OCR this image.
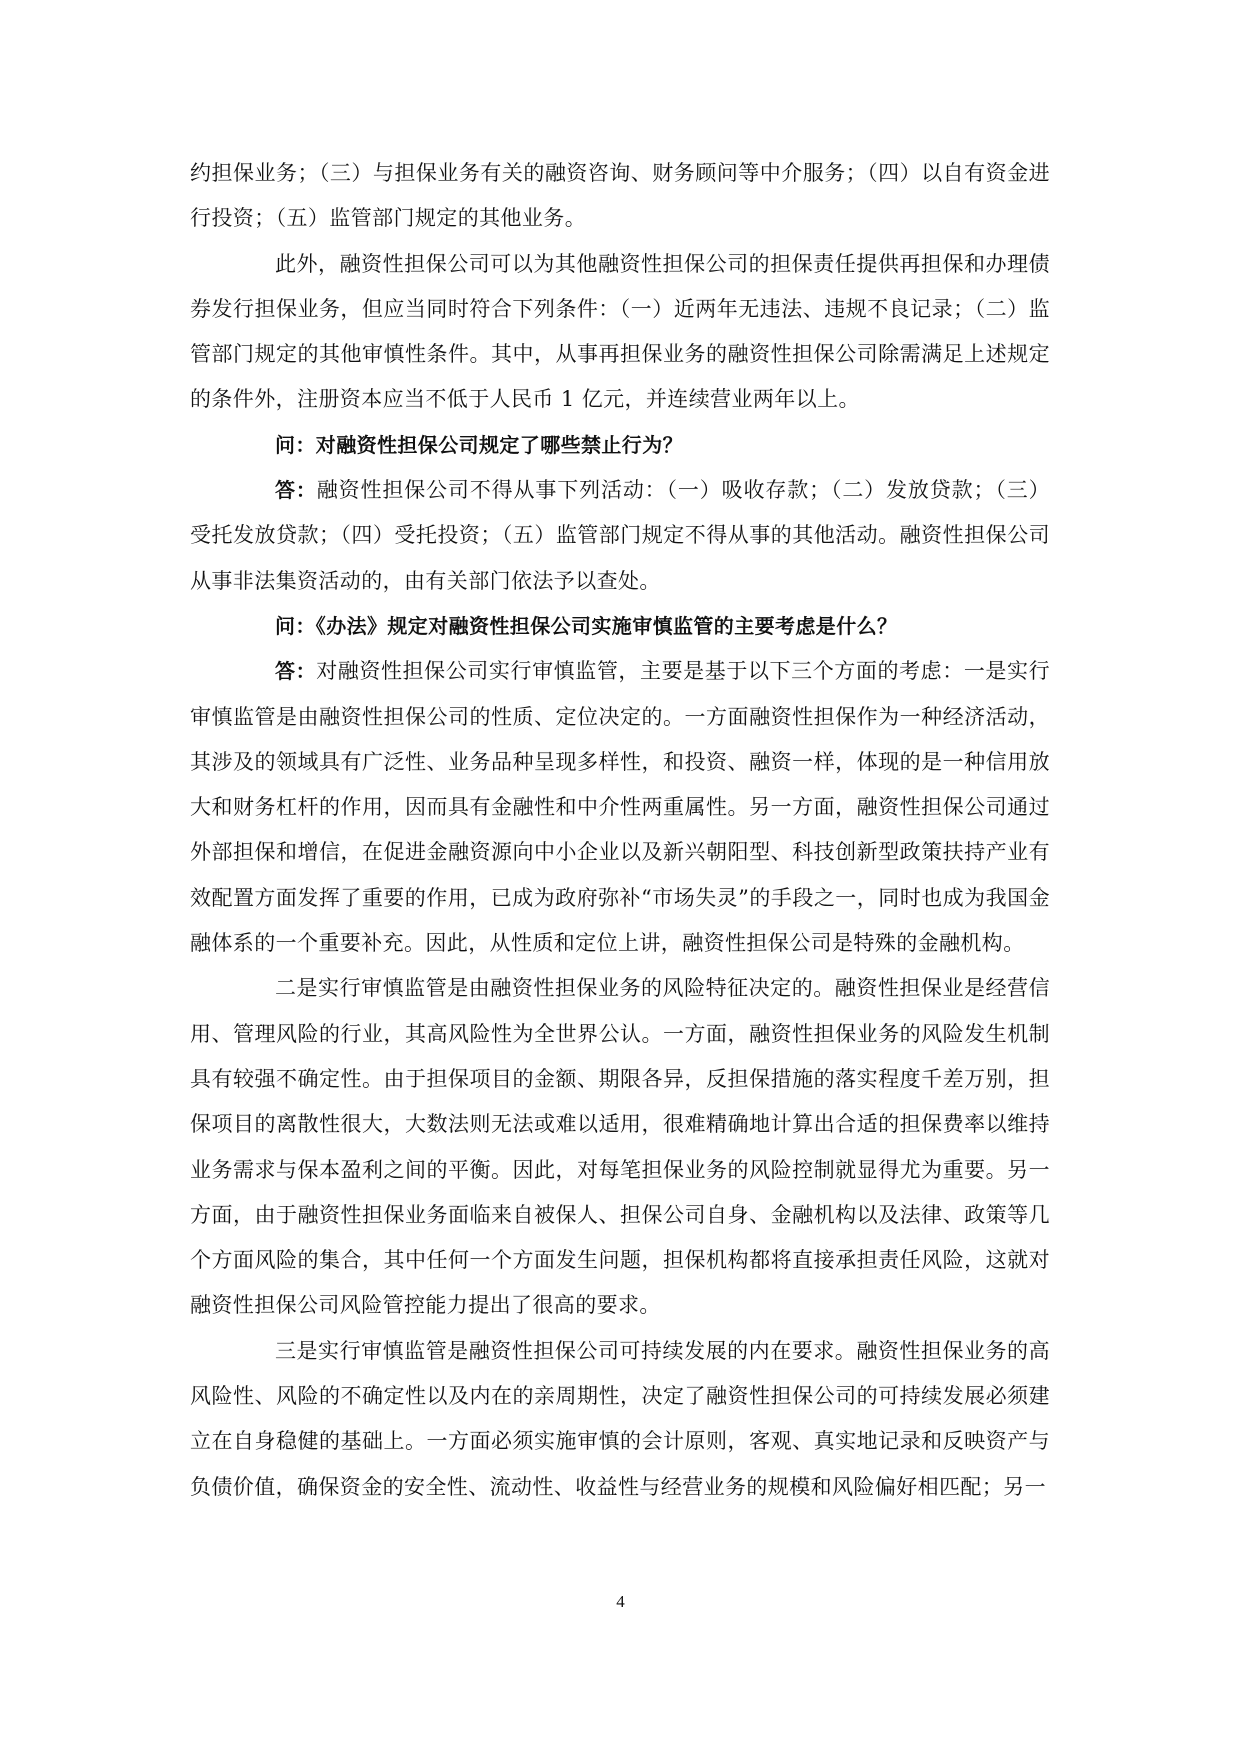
约担保业务；（三）与担保业务有关的融资咨询、财务顾问等中介服务；（四）以自有资金进行投资；（五）监管部门规定的其他业务。

此外，融资性担保公司可以为其他融资性担保公司的担保责任提供再担保和办理债券发行担保业务，但应当同时符合下列条件：（一）近两年无违法、违规不良记录；（二）监管部门规定的其他审慎性条件。其中，从事再担保业务的融资性担保公司除需满足上述规定的条件外，注册资本应当不低于人民币 1 亿元，并连续营业两年以上。

问：对融资性担保公司规定了哪些禁止行为？

答：融资性担保公司不得从事下列活动：（一）吸收存款；（二）发放贷款；（三）受托发放贷款；（四）受托投资；（五）监管部门规定不得从事的其他活动。融资性担保公司从事非法集资活动的，由有关部门依法予以查处。

问：《办法》规定对融资性担保公司实施审慎监管的主要考虑是什么？

答：对融资性担保公司实行审慎监管，主要是基于以下三个方面的考虑：一是实行审慎监管是由融资性担保公司的性质、定位决定的。一方面融资性担保作为一种经济活动，其涉及的领域具有广泛性、业务品种呈现多样性，和投资、融资一样，体现的是一种信用放大和财务杠杆的作用，因而具有金融性和中介性两重属性。另一方面，融资性担保公司通过外部担保和增信，在促进金融资源向中小企业以及新兴朝阳型、科技创新型政策扶持产业有效配置方面发挥了重要的作用，已成为政府弥补“市场失灵”的手段之一，同时也成为我国金融体系的一个重要补充。因此，从性质和定位上讲，融资性担保公司是特殊的金融机构。

二是实行审慎监管是由融资性担保业务的风险特征决定的。融资性担保业是经营信用、管理风险的行业，其高风险性为全世界公认。一方面，融资性担保业务的风险发生机制具有较强不确定性。由于担保项目的金额、期限各异，反担保措施的落实程度千差万别，担保项目的离散性很大，大数法则无法或难以适用，很难精确地计算出合适的担保费率以维持业务需求与保本盈利之间的平衡。因此，对每笔担保业务的风险控制就显得尤为重要。另一方面，由于融资性担保业务面临来自被保人、担保公司自身、金融机构以及法律、政策等几个方面风险的集合，其中任何一个方面发生问题，担保机构都将直接承担责任风险，这就对融资性担保公司风险管控能力提出了很高的要求。

三是实行审慎监管是融资性担保公司可持续发展的内在要求。融资性担保业务的高风险性、风险的不确定性以及内在的亲周期性，决定了融资性担保公司的可持续发展必须建立在自身稳健的基础上。一方面必须实施审慎的会计原则，客观、真实地记录和反映资产与负债价值，确保资金的安全性、流动性、收益性与经营业务的规模和风险偏好相匹配；另一

4
